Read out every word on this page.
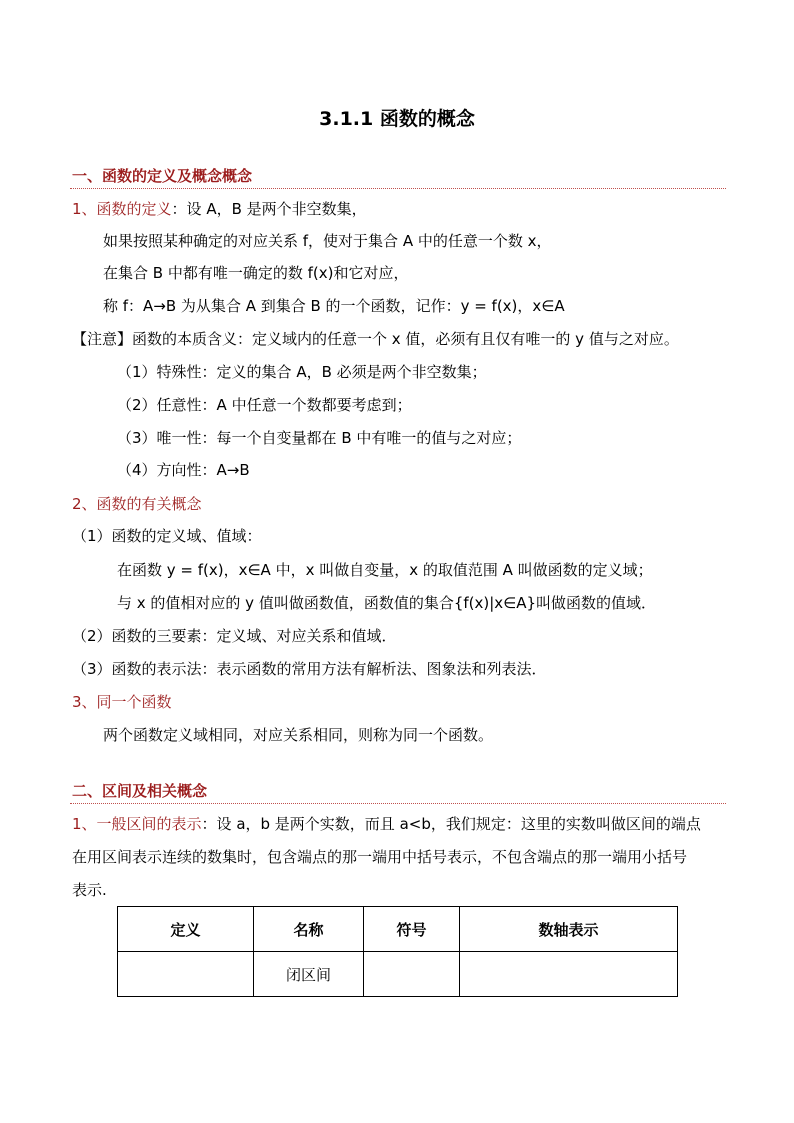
3.1.1 函数的概念
一、函数的定义及概念概念
1、函数的定义：设 A，B 是两个非空数集，
如果按照某种确定的对应关系 f，使对于集合 A 中的任意一个数 x，
在集合 B 中都有唯一确定的数 f(x)和它对应，
称 f：A→B 为从集合 A 到集合 B 的一个函数，记作：y = f(x)，x∈A
【注意】函数的本质含义：定义域内的任意一个 x 值，必须有且仅有唯一的 y 值与之对应。
（1）特殊性：定义的集合 A，B 必须是两个非空数集；
（2）任意性：A 中任意一个数都要考虑到；
（3）唯一性：每一个自变量都在 B 中有唯一的值与之对应；
（4）方向性：A→B
2、函数的有关概念
（1）函数的定义域、值域：
在函数 y = f(x)，x∈A 中，x 叫做自变量，x 的取值范围 A 叫做函数的定义域；
与 x 的值相对应的 y 值叫做函数值，函数值的集合{f(x)|x∈A}叫做函数的值域．
（2）函数的三要素：定义域、对应关系和值域．
（3）函数的表示法：表示函数的常用方法有解析法、图象法和列表法．
3、同一个函数
两个函数定义域相同，对应关系相同，则称为同一个函数。
二、区间及相关概念
1、一般区间的表示：设 a，b 是两个实数，而且 a<b，我们规定：这里的实数叫做区间的端点
在用区间表示连续的数集时，包含端点的那一端用中括号表示，不包含端点的那一端用小括号
表示.
定义	名称	符号	数轴表示
	闭区间		
